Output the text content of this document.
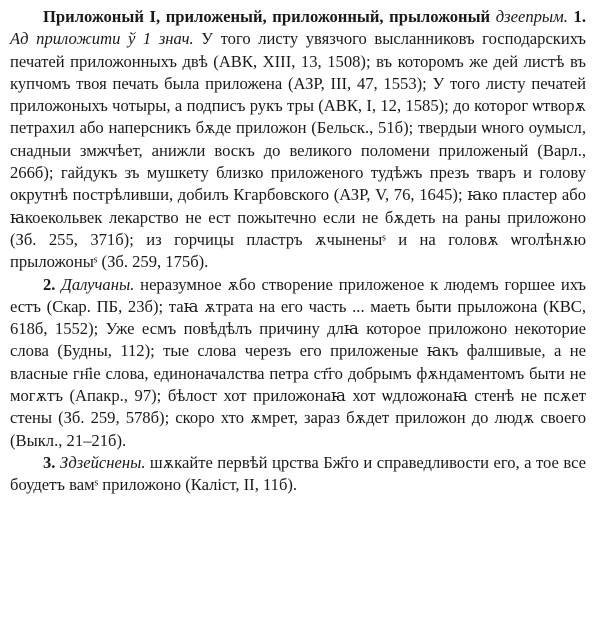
Приложоный І, приложеный, приложонный, прыложоный дзеепрым. 1. Ад приложити ў 1 знач. У того листу увязчого высланниковъ господарскихъ печатей приложонныхъ двѣ (АВК, XIII, 13, 1508); въ которомъ же дей листѣ въ купчомъ твоя печать была приложена (АЗР, III, 47, 1553); У того листу печатей приложоныхъ чотыры, а подписъ рукъ тры (АВК, I, 12, 1585); до которог ѡтворѫ петрахил або наперсникъ бѫде приложон (Бельск., 51б); твердыи ѡного оумысл, снадныи змжчѣет, анижли воскъ до великого поломени приложеный (Варл., 266б); гайдукъ зъ мушкету близко приложеного тудѣжъ презъ тваръ и голову окрутнѣ пострѣливши, добилъ Кгарбовского (АЗР, V, 76, 1645); ꙗко пластер або ꙗкоекольвек лекарство не ест пожытечно если не бѫдеть на раны приложоно (Зб. 255, 371б); из горчицы пластръ ѫчыненыˢ и на головѫ ѡголѣнѫю прыложоныˢ (Зб. 259, 175б).

2. Далучаны. неразумное ѫбо створение приложеное к людемъ горшее ихъ естъ (Скар. ПБ, 23б); таꙗ ѫтрата на его часть ... маеть быти прыложона (КВС, 618б, 1552); Уже есмъ повѣдѣлъ причину длꙗ которое приложоно некоторие слова (Будны, 112); тые слова черезъ его приложеные ꙗкъ фалшивые, а не власные гн҃іе слова, единоначалства петра ст҃го добрымъ фѫндаментомъ быти не могѫтъ (Апакр., 97); бѣлост хот приложонаꙗ хот ѡдложонаꙗ стенѣ не псѫет стены (Зб. 259, 578б); скоро хто ѫмрет, зараз бѫдет приложон до людѫ своего (Выкл., 21–21б).

3. Здзейснены. шѫкайте первѣй црства Бж҃го и справедливости его, а тое все боудетъ вамˢ приложоно (Каліст, II, 11б).
